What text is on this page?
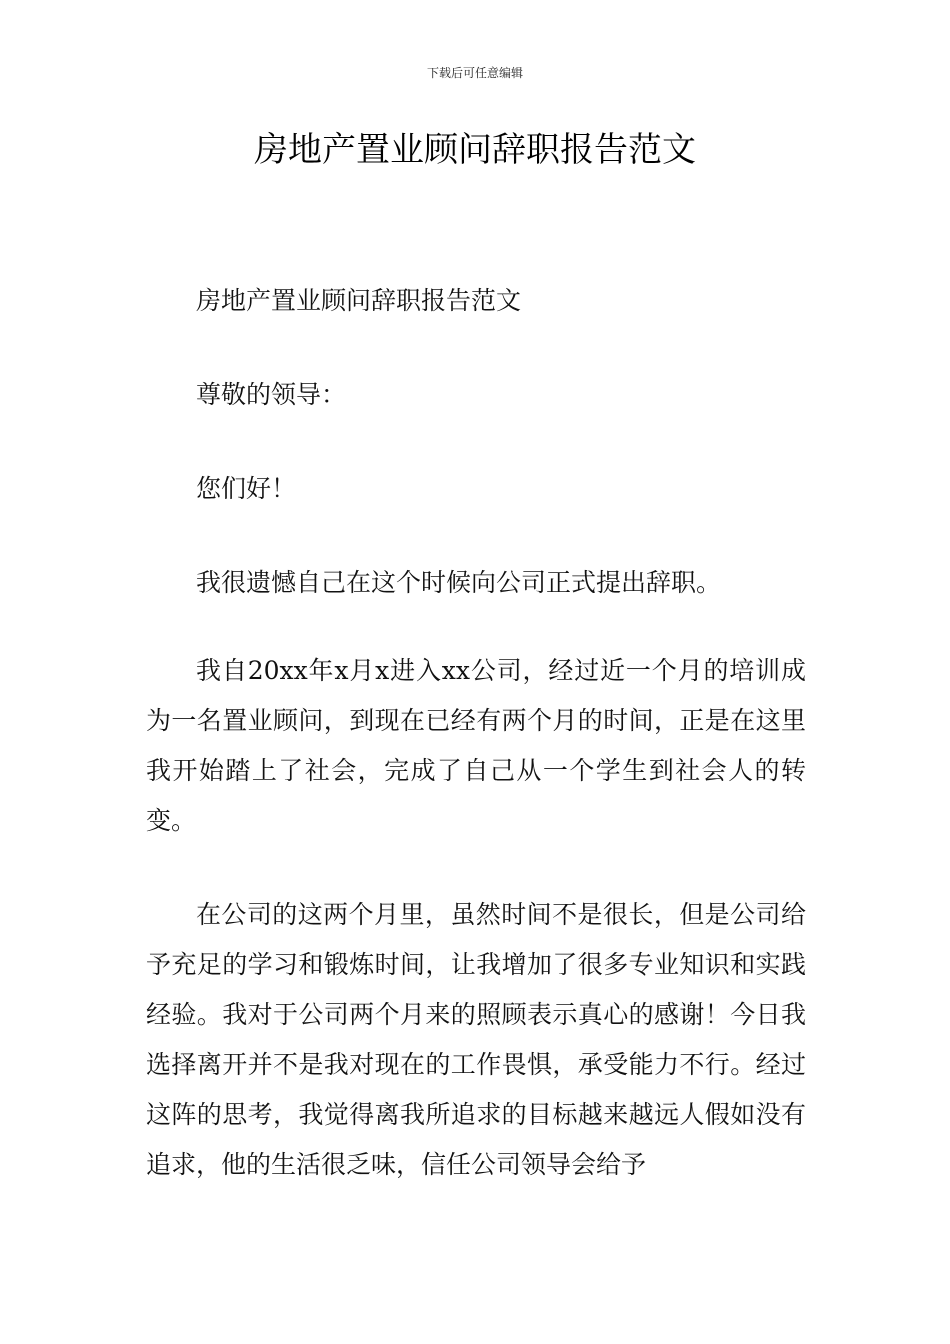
下载后可任意编辑
房地产置业顾问辞职报告范文

房地产置业顾问辞职报告范文

尊敬的领导：

您们好！

我很遗憾自己在这个时候向公司正式提出辞职。

我自20xx年x月x进入xx公司，经过近一个月的培训成为一名置业顾问，到现在已经有两个月的时间，正是在这里我开始踏上了社会，完成了自己从一个学生到社会人的转变。

在公司的这两个月里，虽然时间不是很长，但是公司给予充足的学习和锻炼时间，让我增加了很多专业知识和实践经验。我对于公司两个月来的照顾表示真心的感谢！今日我选择离开并不是我对现在的工作畏惧，承受能力不行。经过这阵的思考，我觉得离我所追求的目标越来越远人假如没有追求，他的生活很乏味，信任公司领导会给予
